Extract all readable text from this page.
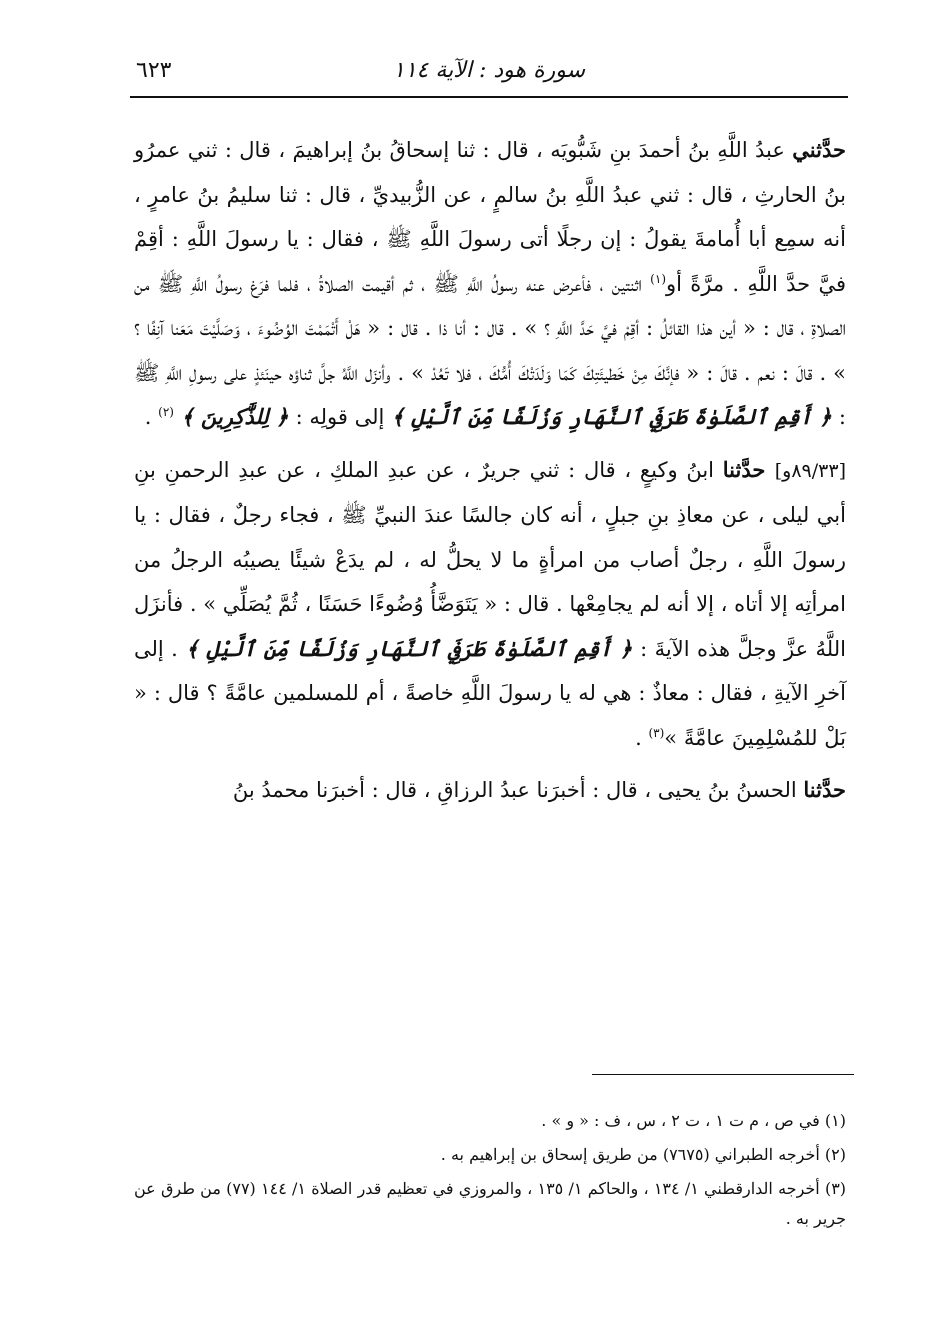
سورة هود : الآية ١١٤
٦٢٣

حدَّثني عبدُ اللَّهِ بنُ أحمدَ بنِ شَبُّويَه ، قال : ثنا إسحاقُ بنُ إبراهيمَ ، قال : ثني عمرُو بنُ الحارثِ ، قال : ثني عبدُ اللَّهِ بنُ سالمٍ ، عن الزُّبيديِّ ، قال : ثنا سليمُ بنُ عامرٍ ، أنه سمِع أبا أُمامةَ يقولُ : إن رجلًا أتى رسولَ اللَّهِ ﷺ ، فقال : يا رسولَ اللَّهِ : أقِمْ فيَّ حدَّ اللَّهِ . مرَّةً أو$^{(١)}$ اثنتين ، فأعرض عنه رسولُ اللَّهِ ﷺ ، ثم أقيمت الصلاةُ ، فلما فرَغ رسولُ اللَّهِ ﷺ من الصلاةِ ، قال : « أين هذا القائلُ : أقِمْ فيَّ حَدَّ اللَّهِ ؟ » . قال : أنا ذا . قال : « هَلْ أَتْمَمْتَ الوُضُوءَ ، وَصَلَّيْتَ مَعَنا آنِفًا ؟ » . قالَ : نعم . قالَ : « فإنَّكَ مِنْ خَطيئَتِكَ كَمَا وَلَدَتْكَ أُمُّكَ ، فلا تَعُدْ » . وأنزَل اللَّهُ جلَّ ثناؤه حينَئذٍ على رسولِ اللَّهِ ﷺ : ﴿ أَقِمِ ٱلصَّلَوٰةَ طَرَفَيِ ٱلنَّهَارِ وَزُلَفًا مِّنَ ٱلَّيْلِ ﴾ إلى قولِه : ﴿ لِلذَّٰكِرِينَ ﴾ $^{(٢)}$ .

[٨٩/٣٣و] حدَّثنا ابنُ وكيعٍ ، قال : ثني جريرٌ ، عن عبدِ الملكِ ، عن عبدِ الرحمنِ بنِ أبي ليلى ، عن معاذِ بنِ جبلٍ ، أنه كان جالسًا عندَ النبيِّ ﷺ ، فجاء رجلٌ ، فقال : يا رسولَ اللَّهِ ، رجلٌ أصاب من امرأةٍ ما لا يحلُّ له ، لم يدَعْ شيئًا يصيبُه الرجلُ من امرأتِه إلا أتاه ، إلا أنه لم يجامِعْها . قال : « يَتَوَضَّأُ وُضُوءًا حَسَنًا ، ثُمَّ يُصَلِّي » . فأنزَل اللَّهُ عزَّ وجلَّ هذه الآيةَ : ﴿ أَقِمِ ٱلصَّلَوٰةَ طَرَفَيِ ٱلنَّهَارِ وَزُلَفًا مِّنَ ٱلَّيْلِ ﴾ . إلى آخرِ الآيةِ ، فقال : معاذٌ : هي له يا رسولَ اللَّهِ خاصةً ، أم للمسلمين عامَّةً ؟ قال : « بَلْ للمُسْلِمِينَ عامَّةً »$^{(٣)}$ .

حدَّثنا الحسنُ بنُ يحيى ، قال : أخبرَنا عبدُ الرزاقِ ، قال : أخبرَنا محمدُ بنُ

(١) في ص ، م ت ١ ، ت ٢ ، س ، ف : « و » .

(٢) أخرجه الطبراني (٧٦٧٥) من طريق إسحاق بن إبراهيم به .

(٣) أخرجه الدارقطني ١/ ١٣٤ ، والحاكم ١/ ١٣٥ ، والمروزي في تعظيم قدر الصلاة ١/ ١٤٤ (٧٧) من طرق عن جرير به .
